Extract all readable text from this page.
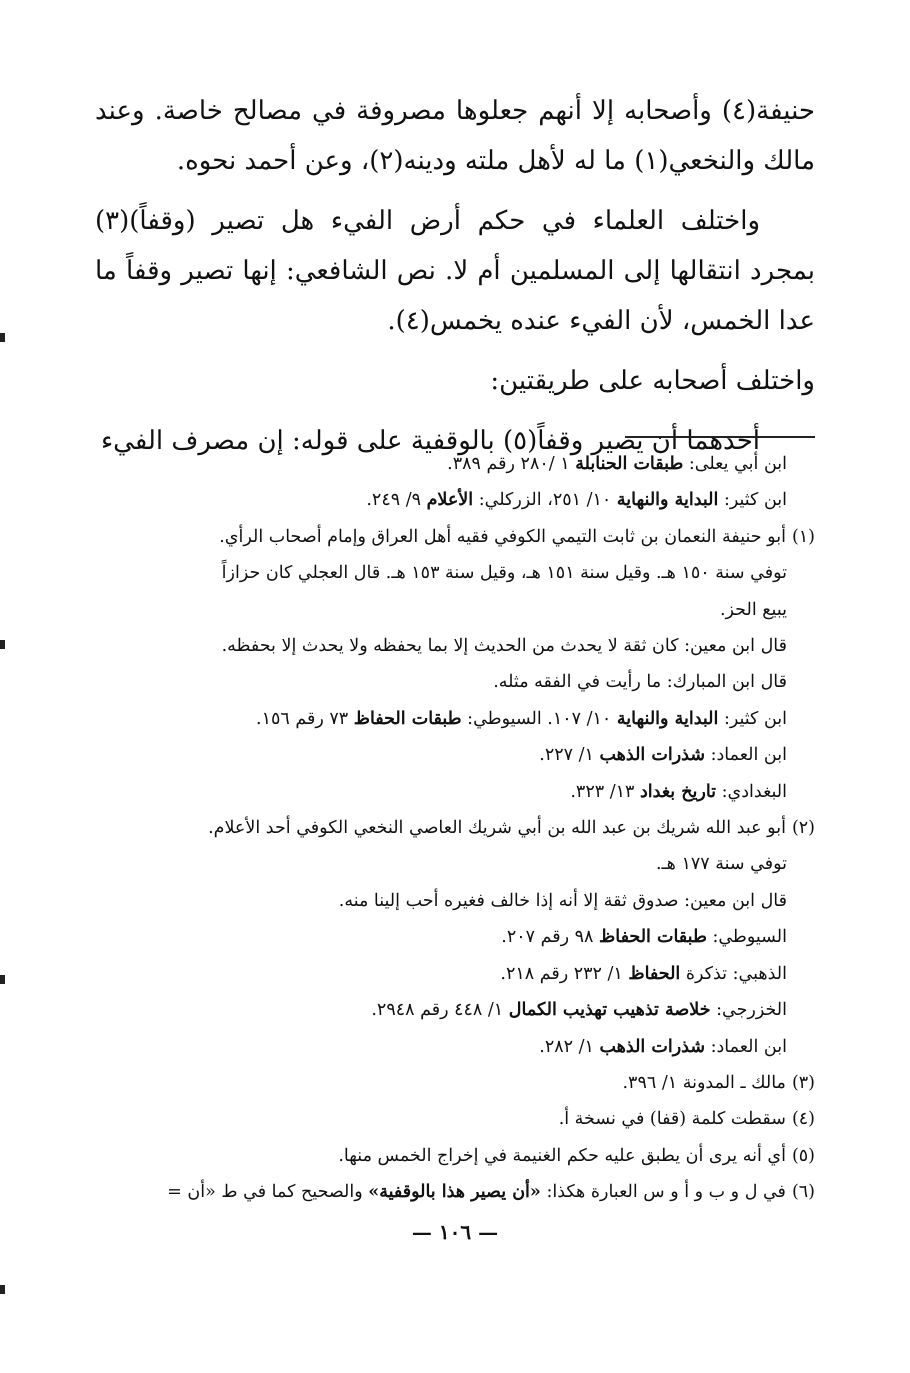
حنيفة(٤) وأصحابه إلا أنهم جعلوها مصروفة في مصالح خاصة. وعند مالك والنخعي(١) ما له لأهل ملته ودينه(٢)، وعن أحمد نحوه.

واختلف العلماء في حكم أرض الفيء هل تصير (وقفاً)(٣) بمجرد انتقالها إلى المسلمين أم لا. نص الشافعي: إنها تصير وقفاً ما عدا الخمس، لأن الفيء عنده يخمس(٤).

واختلف أصحابه على طريقتين:

أحدهما أن يصير وقفاً(٥) بالوقفية على قوله: إن مصرف الفيء

ابن أبي يعلى: طبقات الحنابلة ١ /٢٨٠ رقم ٣٨٩.
ابن كثير: البداية والنهاية ١٠/ ٢٥١، الزركلي: الأعلام ٩/ ٢٤٩.
(١)أبو حنيفة النعمان بن ثابت التيمي الكوفي فقيه أهل العراق وإمام أصحاب الرأي.
توفي سنة ١٥٠ هـ. وقيل سنة ١٥١ هـ، وقيل سنة ١٥٣ هـ. قال العجلي كان حزازاً
يبيع الحز.
قال ابن معين: كان ثقة لا يحدث من الحديث إلا بما يحفظه ولا يحدث إلا بحفظه.
قال ابن المبارك: ما رأيت في الفقه مثله.
ابن كثير: البداية والنهاية ١٠/ ١٠٧. السيوطي: طبقات الحفاظ ٧٣ رقم ١٥٦.
ابن العماد: شذرات الذهب ١/ ٢٢٧.
البغدادي: تاريخ بغداد ١٣/ ٣٢٣.
(٢)أبو عبد الله شريك بن عبد الله بن أبي شريك العاصي النخعي الكوفي أحد الأعلام.
توفي سنة ١٧٧ هـ.
قال ابن معين: صدوق ثقة إلا أنه إذا خالف فغيره أحب إلينا منه.
السيوطي: طبقات الحفاظ ٩٨ رقم ٢٠٧.
الذهبي: تذكرة الحفاظ ١/ ٢٣٢ رقم ٢١٨.
الخزرجي: خلاصة تذهيب تهذيب الكمال ١/ ٤٤٨ رقم ٢٩٤٨.
ابن العماد: شذرات الذهب ١/ ٢٨٢.
(٣)مالك ـ المدونة ١/ ٣٩٦.
(٤)سقطت كلمة (قفا) في نسخة أ.
(٥)أي أنه يرى أن يطبق عليه حكم الغنيمة في إخراج الخمس منها.
(٦)في ل و ب و أ و س العبارة هكذا: «أن يصير هذا بالوقفية» والصحيح كما في ط «أن =
— ١٠٦ —
